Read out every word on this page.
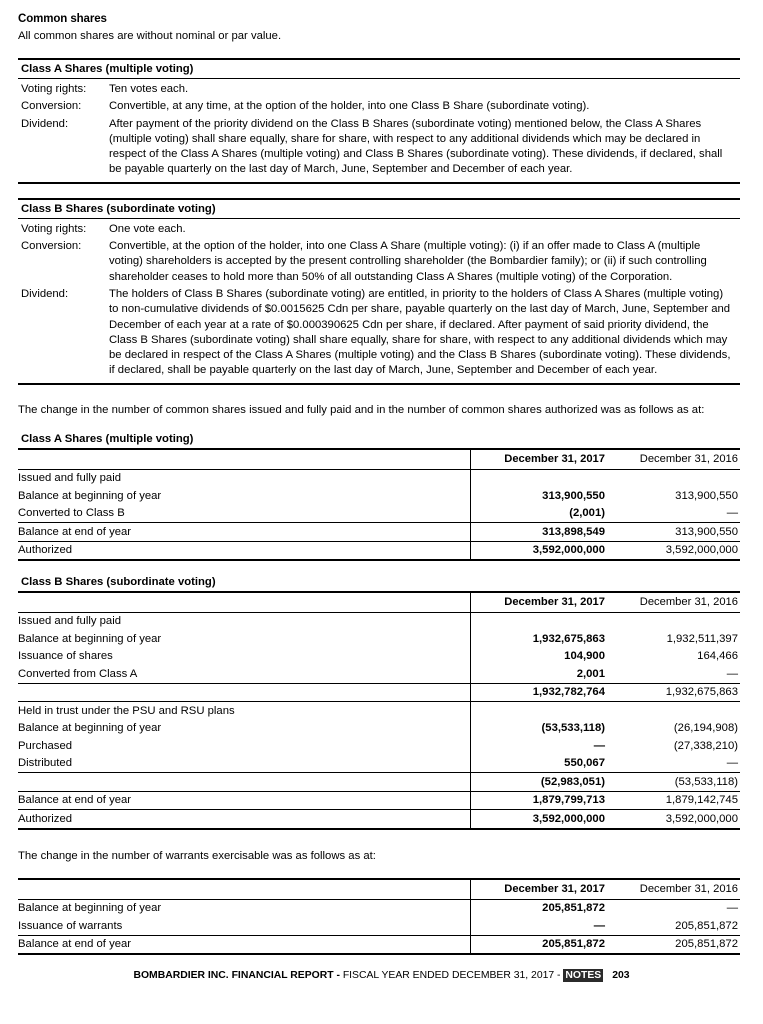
Common shares
All common shares are without nominal or par value.
Class A Shares (multiple voting)
Voting rights:	Ten votes each.
Conversion:	Convertible, at any time, at the option of the holder, into one Class B Share (subordinate voting).
Dividend:	After payment of the priority dividend on the Class B Shares (subordinate voting) mentioned below, the Class A Shares (multiple voting) shall share equally, share for share, with respect to any additional dividends which may be declared in respect of the Class A Shares (multiple voting) and Class B Shares (subordinate voting). These dividends, if declared, shall be payable quarterly on the last day of March, June, September and December of each year.
Class B Shares (subordinate voting)
Voting rights:	One vote each.
Conversion:	Convertible, at the option of the holder, into one Class A Share (multiple voting): (i) if an offer made to Class A (multiple voting) shareholders is accepted by the present controlling shareholder (the Bombardier family); or (ii) if such controlling shareholder ceases to hold more than 50% of all outstanding Class A Shares (multiple voting) of the Corporation.
Dividend:	The holders of Class B Shares (subordinate voting) are entitled, in priority to the holders of Class A Shares (multiple voting) to non-cumulative dividends of $0.0015625 Cdn per share, payable quarterly on the last day of March, June, September and December of each year at a rate of $0.000390625 Cdn per share, if declared. After payment of said priority dividend, the Class B Shares (subordinate voting) shall share equally, share for share, with respect to any additional dividends which may be declared in respect of the Class A Shares (multiple voting) and the Class B Shares (subordinate voting). These dividends, if declared, shall be payable quarterly on the last day of March, June, September and December of each year.
The change in the number of common shares issued and fully paid and in the number of common shares authorized was as follows as at:
Class A Shares (multiple voting)
	December 31, 2017	December 31, 2016
Issued and fully paid		
Balance at beginning of year	313,900,550	313,900,550
Converted to Class B	(2,001)	—
Balance at end of year	313,898,549	313,900,550
Authorized	3,592,000,000	3,592,000,000
Class B Shares (subordinate voting)
	December 31, 2017	December 31, 2016
Issued and fully paid		
Balance at beginning of year	1,932,675,863	1,932,511,397
Issuance of shares	104,900	164,466
Converted from Class A	2,001	—
	1,932,782,764	1,932,675,863
Held in trust under the PSU and RSU plans		
Balance at beginning of year	(53,533,118)	(26,194,908)
Purchased	—	(27,338,210)
Distributed	550,067	—
	(52,983,051)	(53,533,118)
Balance at end of year	1,879,799,713	1,879,142,745
Authorized	3,592,000,000	3,592,000,000
The change in the number of warrants exercisable was as follows as at:
	December 31, 2017	December 31, 2016
Balance at beginning of year	205,851,872	—
Issuance of warrants	—	205,851,872
Balance at end of year	205,851,872	205,851,872
BOMBARDIER INC. FINANCIAL REPORT - FISCAL YEAR ENDED DECEMBER 31, 2017 - NOTES 203
